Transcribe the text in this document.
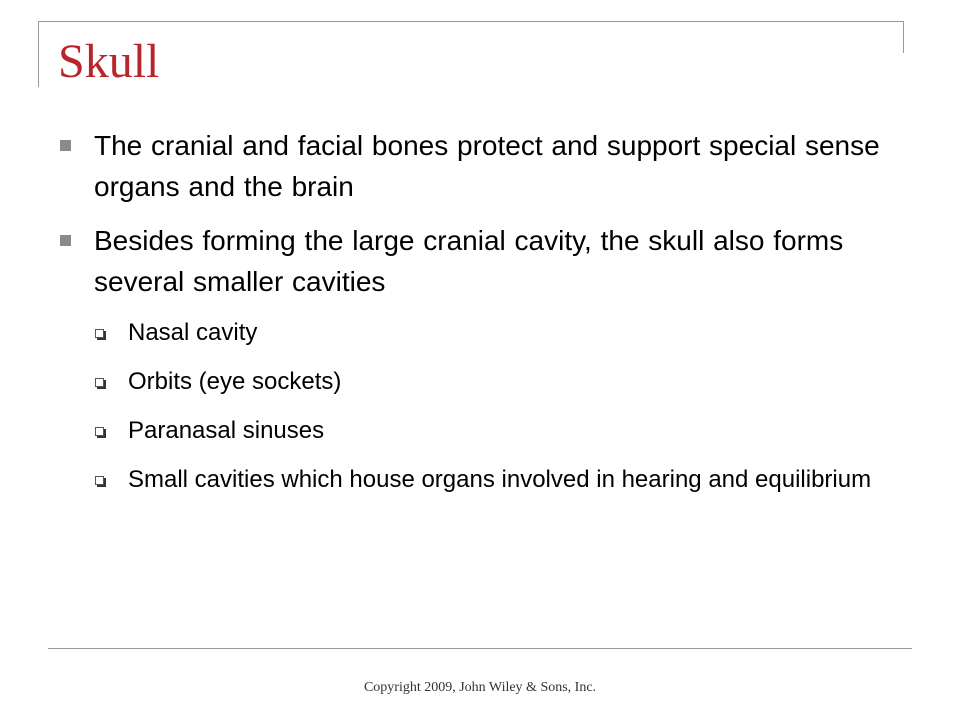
Skull
The cranial and facial bones protect and support special sense organs and the brain
Besides forming the large cranial cavity, the skull also forms several smaller cavities
Nasal cavity
Orbits (eye sockets)
Paranasal sinuses
Small cavities which house organs involved in hearing and equilibrium
Copyright 2009, John Wiley & Sons, Inc.
